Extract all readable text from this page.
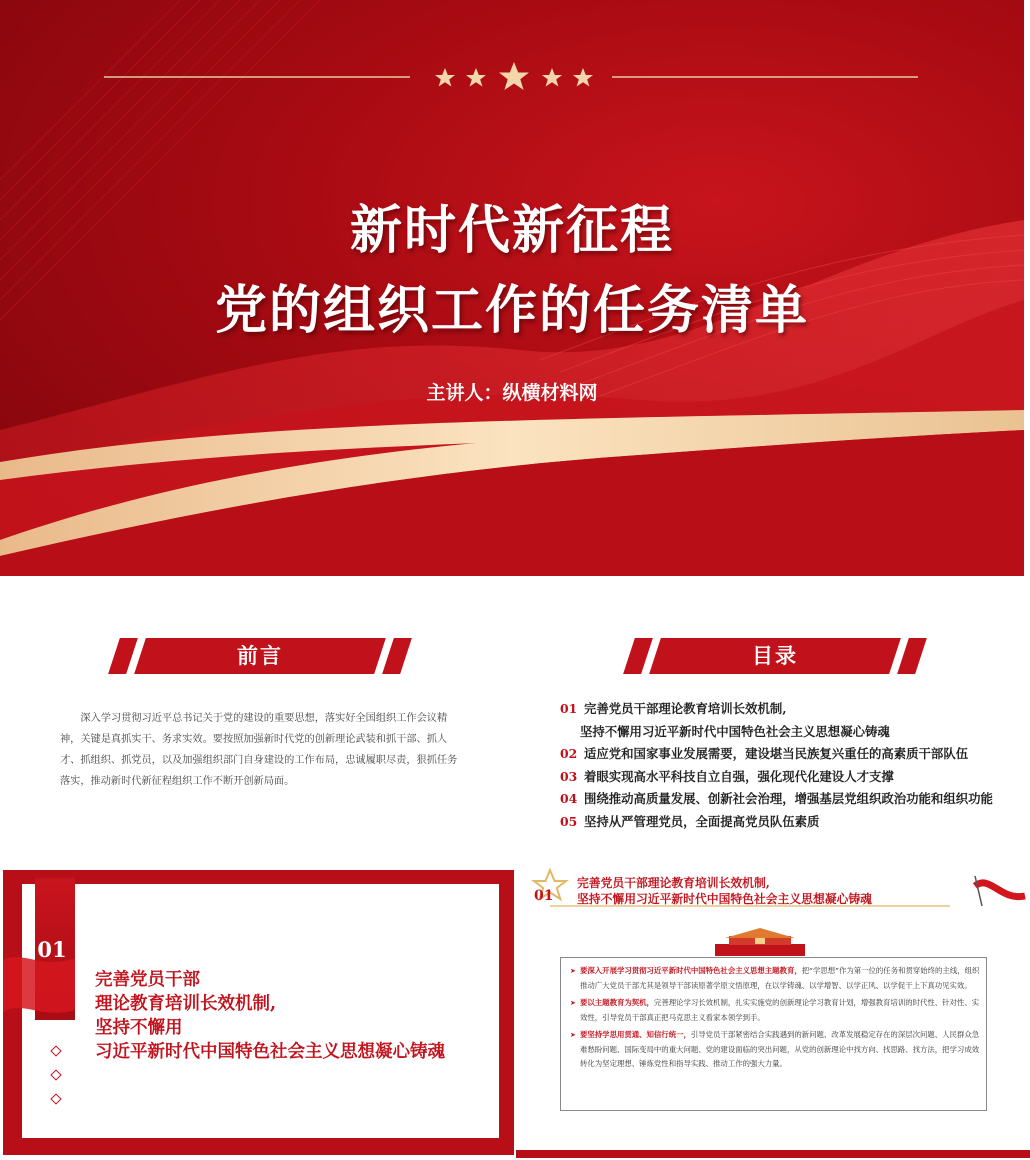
新时代新征程
党的组织工作的任务清单
主讲人：纵横材料网
前言
深入学习贯彻习近平总书记关于党的建设的重要思想，落实好全国组织工作会议精神，关键是真抓实干、务求实效。要按照加强新时代党的创新理论武装和抓干部、抓人才、抓组织、抓党员，以及加强组织部门自身建设的工作布局，忠诚履职尽责，狠抓任务落实，推动新时代新征程组织工作不断开创新局面。
目录
01 完善党员干部理论教育培训长效机制,
坚持不懈用习近平新时代中国特色社会主义思想凝心铸魂
02 适应党和国家事业发展需要，建设堪当民族复兴重任的高素质干部队伍
03 着眼实现高水平科技自立自强，强化现代化建设人才支撑
04 围绕推动高质量发展、创新社会治理，增强基层党组织政治功能和组织功能
05 坚持从严管理党员，全面提高党员队伍素质
01
完善党员干部
理论教育培训长效机制,
坚持不懈用
习近平新时代中国特色社会主义思想凝心铸魂
01
完善党员干部理论教育培训长效机制,
坚持不懈用习近平新时代中国特色社会主义思想凝心铸魂

➤ 要深入开展学习贯彻习近平新时代中国特色社会主义思想主题教育，把“学思想”作为第一位的任务和贯穿始终的主线，组织推动广大党员干部尤其是领导干部读原著学原文悟原理，在以学铸魂、以学增智、以学正风、以学促干上下真功见实效。

➤ 要以主题教育为契机，完善理论学习长效机制，扎实实施党的创新理论学习教育计划，增强教育培训的时代性、针对性、实效性，引导党员干部真正把马克思主义看家本领学到手。

➤ 要坚持学思用贯通、知信行统一，引导党员干部紧密结合实践遇到的新问题、改革发展稳定存在的深层次问题、人民群众急难愁盼问题、国际变局中的重大问题、党的建设面临的突出问题，从党的创新理论中找方向、找思路、找方法，把学习成效转化为坚定理想、锤炼党性和指导实践、推动工作的强大力量。
